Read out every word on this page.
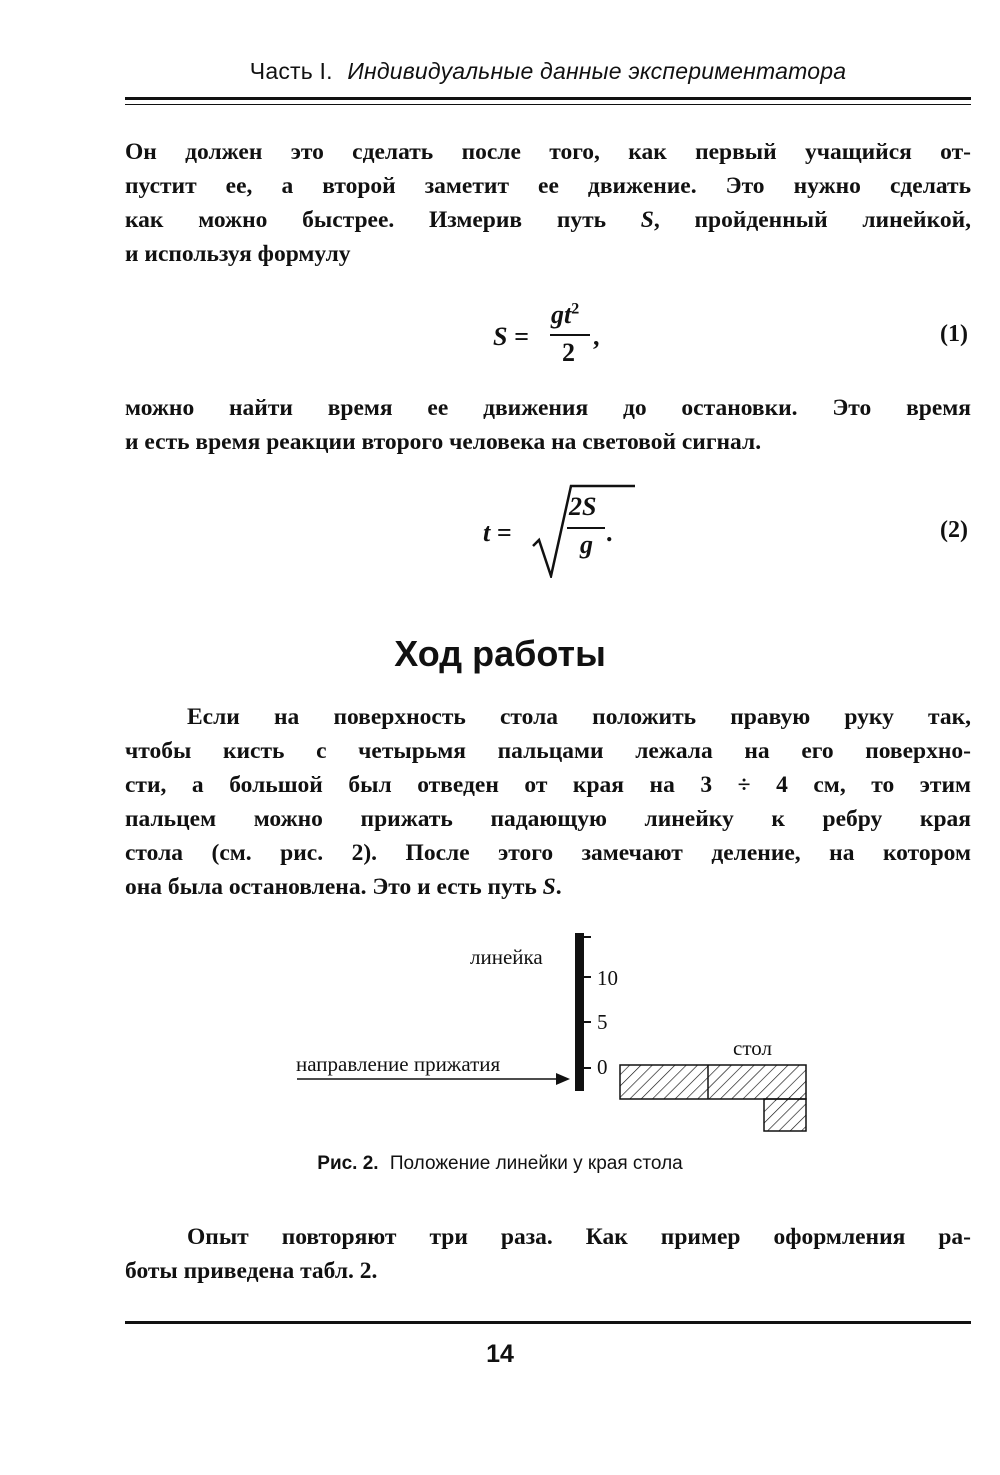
Часть I. Индивидуальные данные экспериментатора
Он должен это сделать после того, как первый учащийся от-
пустит ее, а второй заметит ее движение. Это нужно сделать
как можно быстрее. Измерив путь S, пройденный линейкой,
и используя формулу
S =
$gt^2$
2
,	(1)
можно найти время ее движения до остановки. Это время
и есть время реакции второго человека на световой сигнал.
t =
2S
g .	(2)
Ход работы
Если на поверхность стола положить правую руку так,
чтобы кисть с четырьмя пальцами лежала на его поверхно-
сти, а большой был отведен от края на 3 ÷ 4 см, то этим
пальцем можно прижать падающую линейку к ребру края
стола (см. рис. 2). После этого замечают деление, на котором
она была остановлена. Это и есть путь S.
линейка
10
5
0
направление прижатия
стол
Рис. 2. Положение линейки у края стола
Опыт повторяют три раза. Как пример оформления ра-
боты приведена табл. 2.
14
